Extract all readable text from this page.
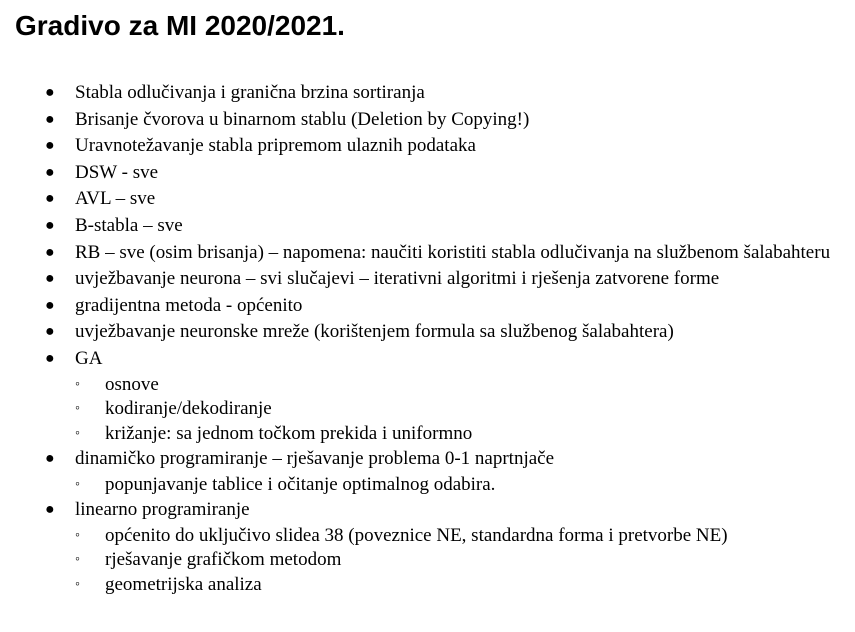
Gradivo za MI 2020/2021.
●	Stabla odlučivanja i granična brzina sortiranja
●	Brisanje čvorova u binarnom stablu (Deletion by Copying!)
●	Uravnotežavanje stabla pripremom ulaznih podataka
●	DSW - sve
●	AVL – sve
●	B-stabla – sve
●	RB – sve (osim brisanja) – napomena: naučiti koristiti stabla odlučivanja na službenom šalabahteru
●	uvježbavanje neurona – svi slučajevi – iterativni algoritmi i rješenja zatvorene forme
●	gradijentna metoda - općenito
●	uvježbavanje neuronske mreže (korištenjem formula sa službenog šalabahtera)
●	GA
◦	osnove
◦	kodiranje/dekodiranje
◦	križanje: sa jednom točkom prekida i uniformno
●	dinamičko programiranje – rješavanje problema 0-1 naprtnjače
◦	popunjavanje tablice i očitanje optimalnog odabira.
●	linearno programiranje
◦	općenito do uključivo slidea 38 (poveznice NE, standardna forma i pretvorbe NE)
◦	rješavanje grafičkom metodom
◦	geometrijska analiza
